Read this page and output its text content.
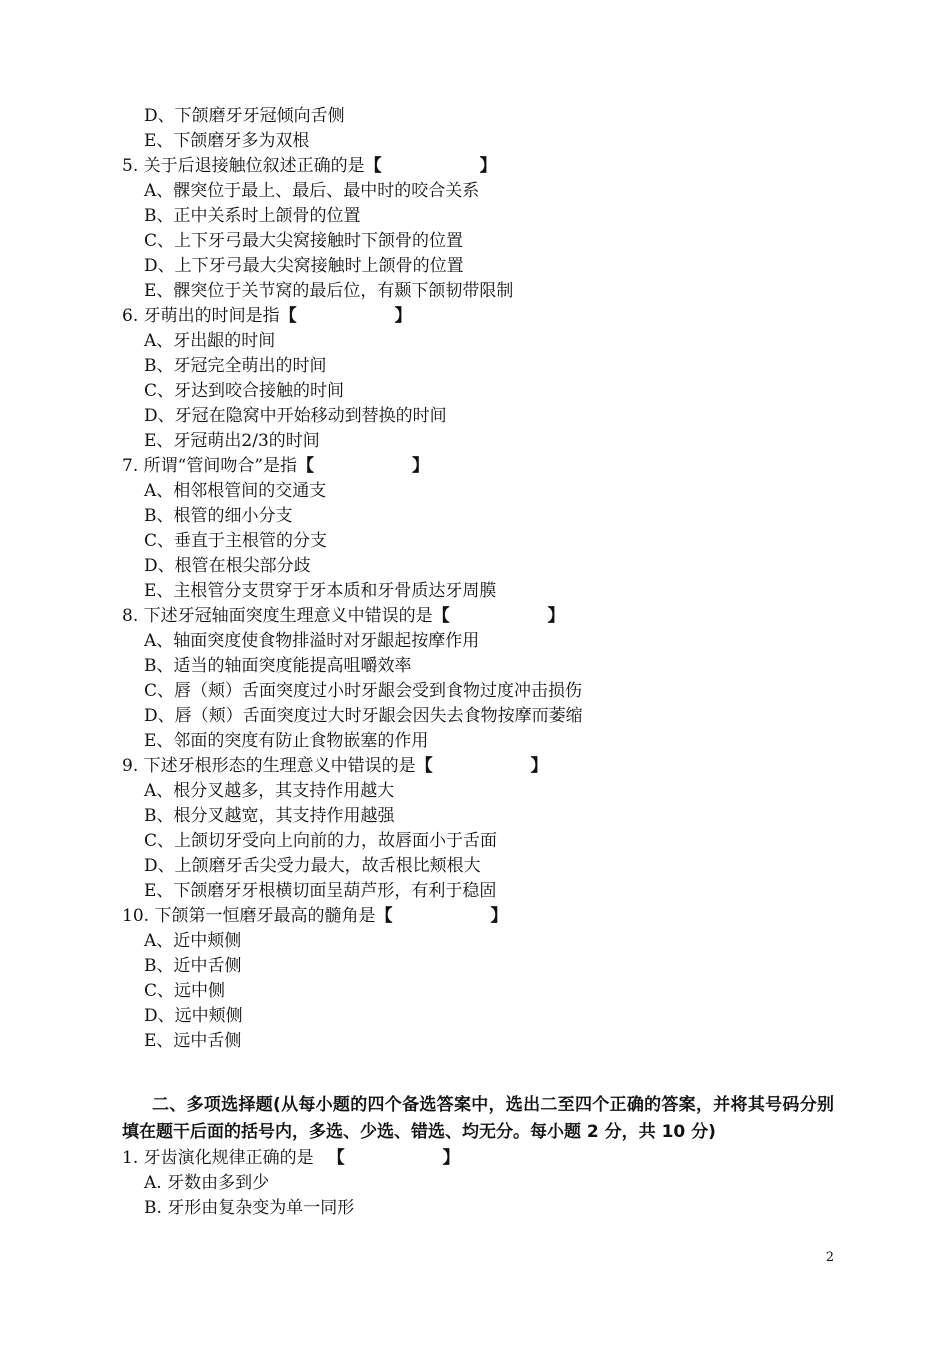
D、下颌磨牙牙冠倾向舌侧
E、下颌磨牙多为双根
5. 关于后退接触位叙述正确的是【	】
A、髁突位于最上、最后、最中时的咬合关系
B、正中关系时上颌骨的位置
C、上下牙弓最大尖窝接触时下颌骨的位置
D、上下牙弓最大尖窝接触时上颌骨的位置
E、髁突位于关节窝的最后位，有颞下颌韧带限制
6. 牙萌出的时间是指【	】
A、牙出龈的时间
B、牙冠完全萌出的时间
C、牙达到咬合接触的时间
D、牙冠在隐窝中开始移动到替换的时间
E、牙冠萌出2/3的时间
7. 所谓“管间吻合”是指【	】
A、相邻根管间的交通支
B、根管的细小分支
C、垂直于主根管的分支
D、根管在根尖部分歧
E、主根管分支贯穿于牙本质和牙骨质达牙周膜
8. 下述牙冠轴面突度生理意义中错误的是【	】
A、轴面突度使食物排溢时对牙龈起按摩作用
B、适当的轴面突度能提高咀嚼效率
C、唇（颊）舌面突度过小时牙龈会受到食物过度冲击损伤
D、唇（颊）舌面突度过大时牙龈会因失去食物按摩而萎缩
E、邻面的突度有防止食物嵌塞的作用
9. 下述牙根形态的生理意义中错误的是【	】
A、根分叉越多，其支持作用越大
B、根分叉越宽，其支持作用越强
C、上颌切牙受向上向前的力，故唇面小于舌面
D、上颌磨牙舌尖受力最大，故舌根比颊根大
E、下颌磨牙牙根横切面呈葫芦形，有利于稳固
10. 下颌第一恒磨牙最高的髓角是【	】
A、近中颊侧
B、近中舌侧
C、远中侧
D、远中颊侧
E、远中舌侧
二、多项选择题(从每小题的四个备选答案中，选出二至四个正确的答案，并将其号码分别填在题干后面的括号内，多选、少选、错选、均无分。每小题 2 分，共 10 分)
1. 牙齿演化规律正确的是 【	】
A. 牙数由多到少
B. 牙形由复杂变为单一同形
2
